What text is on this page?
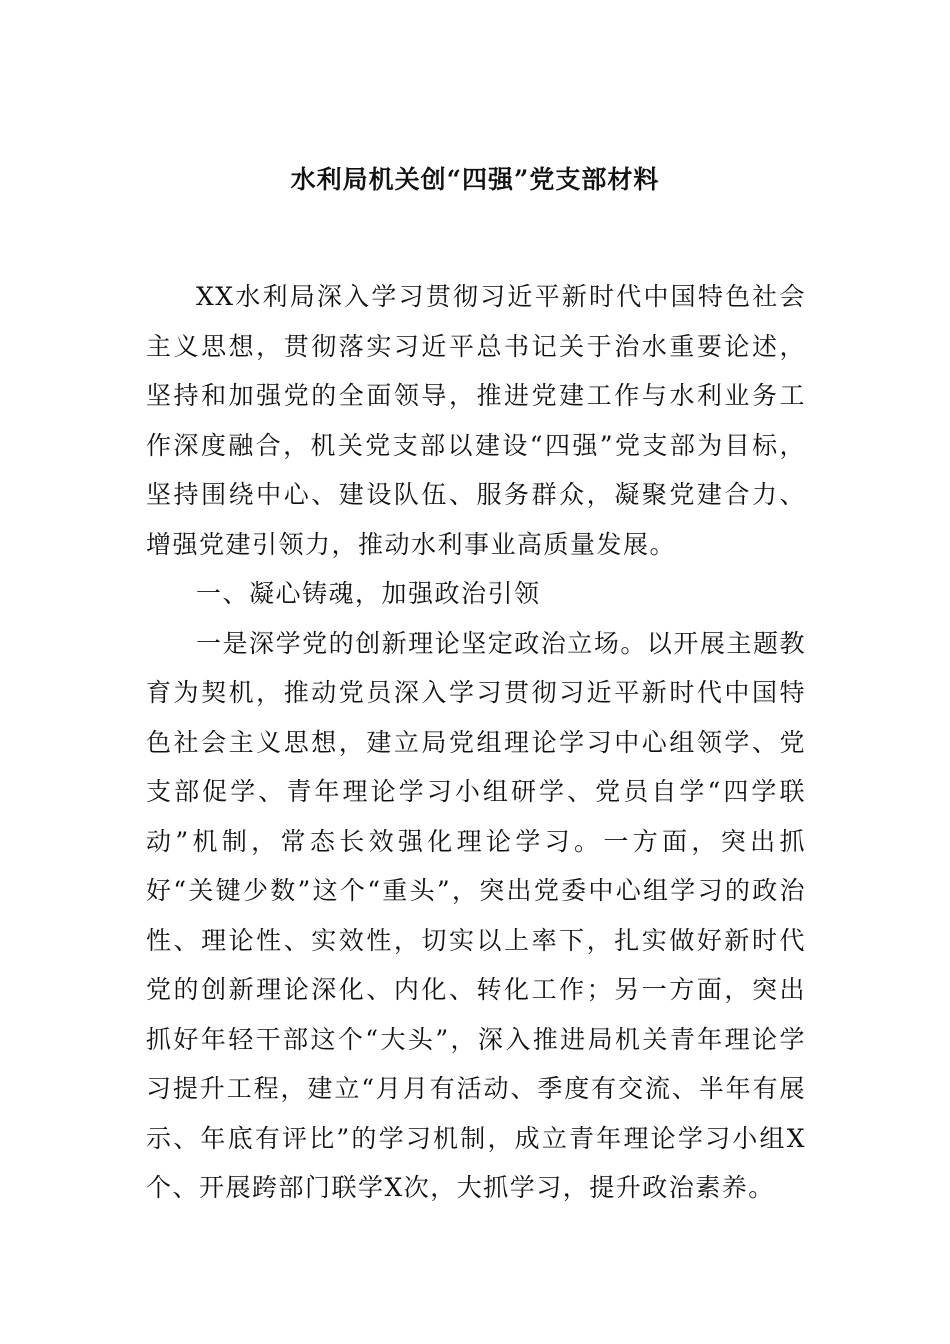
水利局机关创“四强”党支部材料

XX水利局深入学习贯彻习近平新时代中国特色社会主义思想，贯彻落实习近平总书记关于治水重要论述，坚持和加强党的全面领导，推进党建工作与水利业务工作深度融合，机关党支部以建设“四强”党支部为目标，坚持围绕中心、建设队伍、服务群众，凝聚党建合力、增强党建引领力，推动水利事业高质量发展。

一、凝心铸魂，加强政治引领

一是深学党的创新理论坚定政治立场。以开展主题教育为契机，推动党员深入学习贯彻习近平新时代中国特色社会主义思想，建立局党组理论学习中心组领学、党支部促学、青年理论学习小组研学、党员自学“四学联动”机制，常态长效强化理论学习。一方面，突出抓好“关键少数”这个“重头”，突出党委中心组学习的政治性、理论性、实效性，切实以上率下，扎实做好新时代党的创新理论深化、内化、转化工作；另一方面，突出抓好年轻干部这个“大头”，深入推进局机关青年理论学习提升工程，建立“月月有活动、季度有交流、半年有展示、年底有评比”的学习机制，成立青年理论学习小组X个、开展跨部门联学X次，大抓学习，提升政治素养。
